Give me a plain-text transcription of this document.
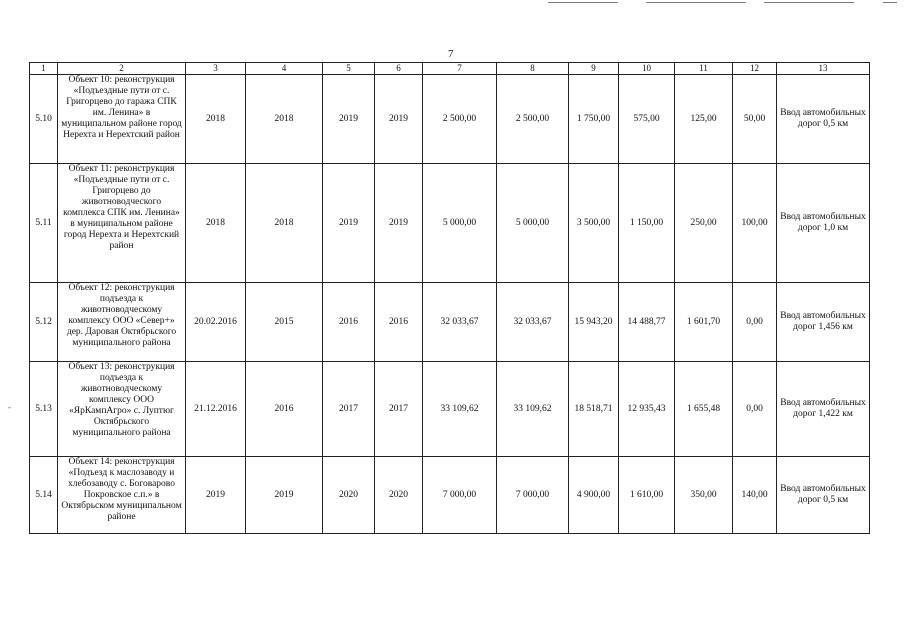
7
-
1	2	3	4	5	6	7	8	9	10	11	12	13
5.10	Объект 10: реконструкция «Подъездные пути от с. Григорцево до гаража СПК им. Ленина» в муниципальном районе город Нерехта и Нерехтский район	2018	2018	2019	2019	2 500,00	2 500,00	1 750,00	575,00	125,00	50,00	Ввод автомобильных дорог 0,5 км
5.11	Объект 11: реконструкция «Подъездные пути от с. Григорцево до животноводческого комплекса СПК им. Ленина» в муниципальном районе город Нерехта и Нерехтский район	2018	2018	2019	2019	5 000,00	5 000,00	3 500,00	1 150,00	250,00	100,00	Ввод автомобильных дорог 1,0 км
5.12	Объект 12: реконструкция подъезда к животноводческому комплексу ООО «Север+» дер. Даровая Октябрьского муниципального района	20.02.2016	2015	2016	2016	32 033,67	32 033,67	15 943,20	14 488,77	1 601,70	0,00	Ввод автомобильных дорог 1,456 км
5.13	Объект 13: реконструкция подъезда к животноводческому комплексу ООО «ЯрКампАгро» с. Луптюг Октябрьского муниципального района	21.12.2016	2016	2017	2017	33 109,62	33 109,62	18 518,71	12 935,43	1 655,48	0,00	Ввод автомобильных дорог 1,422 км
5.14	Объект 14: реконструкция «Подъезд к маслозаводу и хлебозаводу с. Боговарово Покровское с.п.» в Октябрьском муниципальном районе	2019	2019	2020	2020	7 000,00	7 000,00	4 900,00	1 610,00	350,00	140,00	Ввод автомобильных дорог 0,5 км
